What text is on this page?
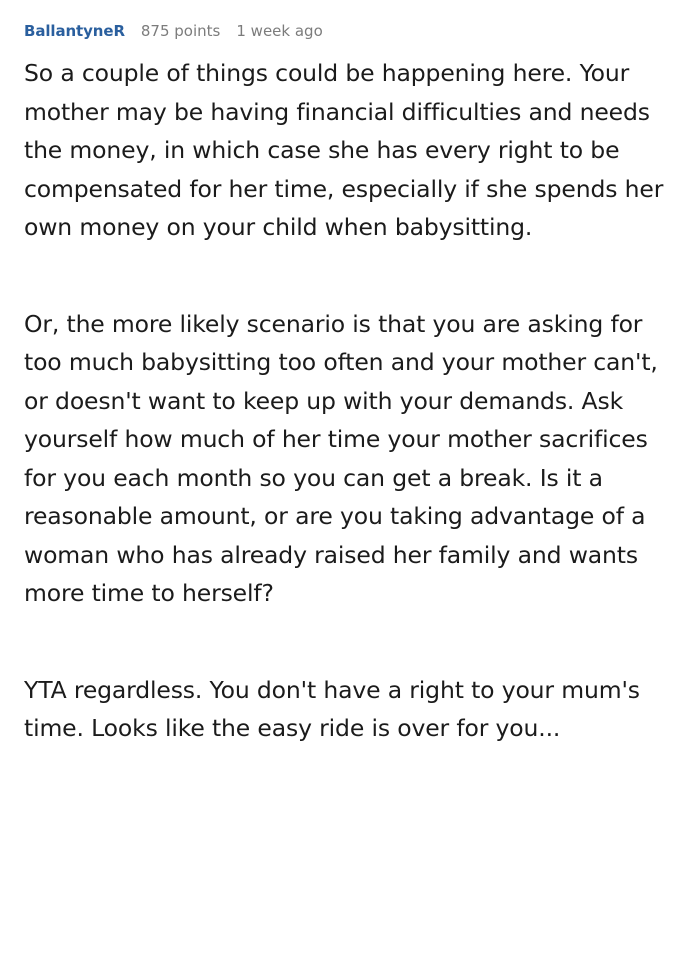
BallantyneR 875 points 1 week ago

So a couple of things could be happening here. Your mother may be having financial difficulties and needs the money, in which case she has every right to be compensated for her time, especially if she spends her own money on your child when babysitting.

Or, the more likely scenario is that you are asking for too much babysitting too often and your mother can't, or doesn't want to keep up with your demands. Ask yourself how much of her time your mother sacrifices for you each month so you can get a break. Is it a reasonable amount, or are you taking advantage of a woman who has already raised her family and wants more time to herself?

YTA regardless. You don't have a right to your mum's time. Looks like the easy ride is over for you...
